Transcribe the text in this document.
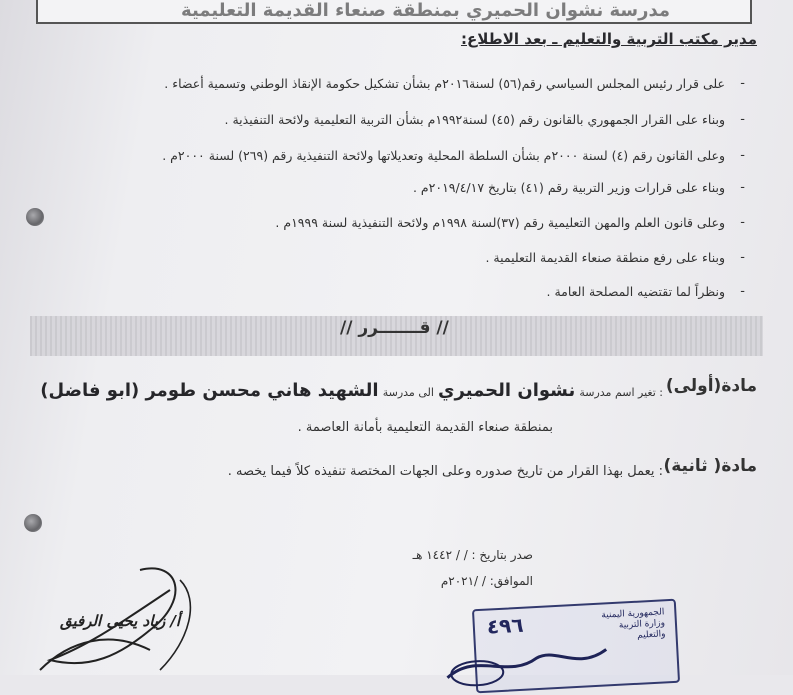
مدرسة نشوان الحميري بمنطقة صنعاء القديمة التعليمية
مدير مكتب التربية والتعليم ـ بعد الاطلاع:
على قرار رئيس المجلس السياسي رقم(٥٦) لسنة٢٠١٦م بشأن تشكيل حكومة الإنقاذ الوطني وتسمية أعضاء . -
وبناء على القرار الجمهوري بالقانون رقم (٤٥) لسنة١٩٩٢م بشأن التربية التعليمية ولائحة التنفيذية . -
وعلى القانون رقم (٤) لسنة ٢٠٠٠م بشأن السلطة المحلية وتعديلاتها ولائحة التنفيذية رقم (٢٦٩) لسنة ٢٠٠٠م . -
وبناء على قرارات وزير التربية رقم (٤١) بتاريخ ٢٠١٩/٤/١٧م . -
وعلى قانون العلم والمهن التعليمية رقم (٣٧)لسنة ١٩٩٨م ولائحة التنفيذية لسنة ١٩٩٩م . -
وبناء على رفع منطقة صنعاء القديمة التعليمية . -
ونظراً لما تقتضيه المصلحة العامة . -
// قـــــــرر //
مادة(أولى)
: تغير اسم مدرسة نشوان الحميري الى مدرسة الشهيد هاني محسن طومر (ابو فاضل)
بمنطقة صنعاء القديمة التعليمية بأمانة العاصمة .
مادة( ثانية)
: يعمل بهذا القرار من تاريخ صدوره وعلى الجهات المختصة تنفيذه كلاً فيما يخصه .
صدر بتاريخ : / / ١٤٤٢ هـ
الموافق: / /٢٠٢١م
أ/ زياد يحيى الرفيق	٤٩٦	الجمهورية اليمنية وزارة التربية والتعليم
